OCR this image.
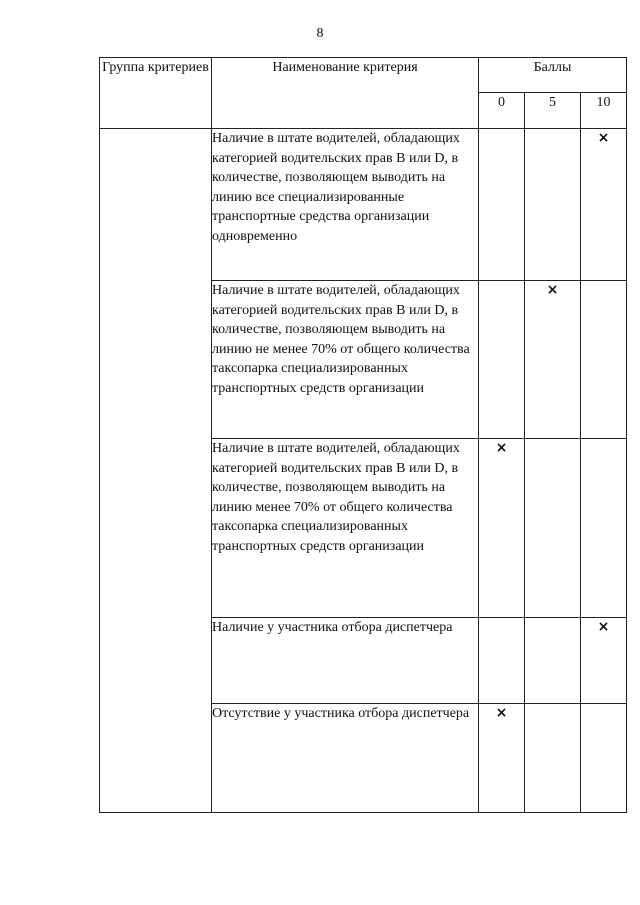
8
Группа критериев	Наименование критерия	Баллы		
		0	5	10
	Наличие в штате водителей, обладающих категорией водительских прав B или D, в количестве, позволяющем выводить на линию все специализированные транспортные средства организации одновременно			×
	Наличие в штате водителей, обладающих категорией водительских прав B или D, в количестве, позволяющем выводить на линию не менее 70% от общего количества таксопарка специализированных транспортных средств организации		×	
	Наличие в штате водителей, обладающих категорией водительских прав B или D, в количестве, позволяющем выводить на линию менее 70% от общего количества таксопарка специализированных транспортных средств организации	×		
	Наличие у участника отбора диспетчера			×
	Отсутствие у участника отбора диспетчера	×		
